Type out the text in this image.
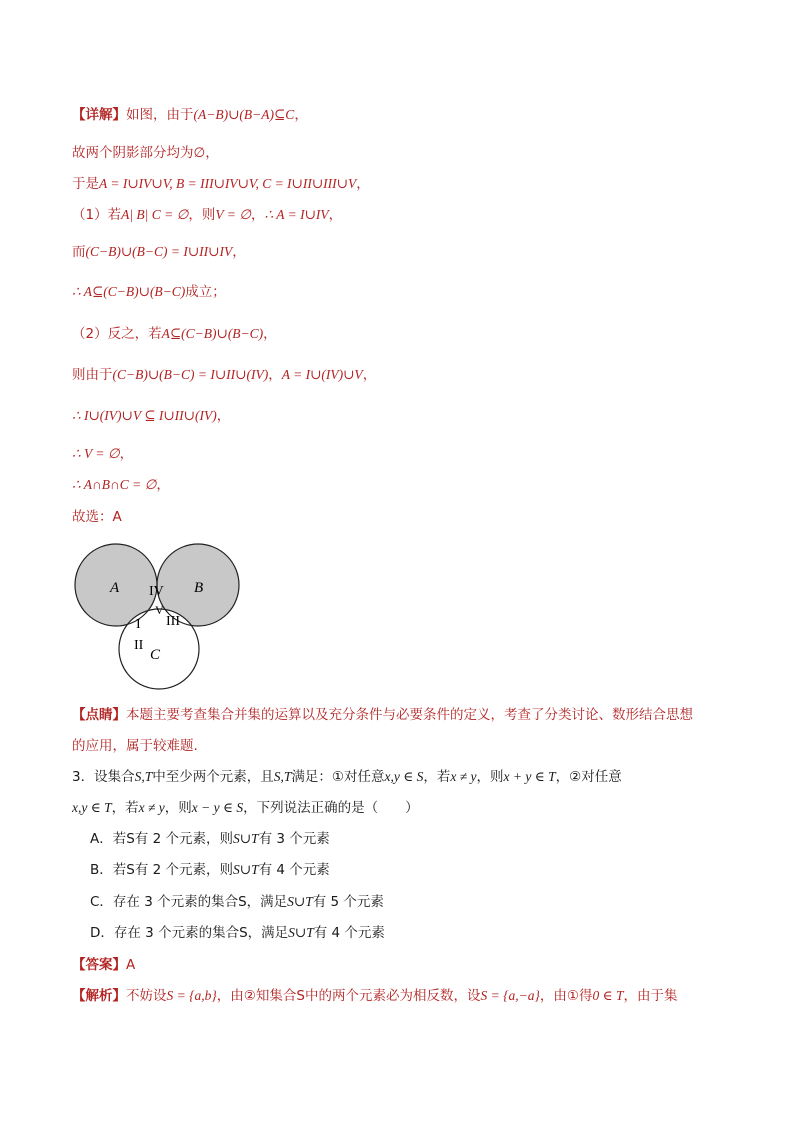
【详解】如图，由于(A−B)∪(B−A)⊆C，
故两个阴影部分均为∅，
于是A = I∪IV∪V, B = III∪IV∪V, C = I∪II∪III∪V，
（1）若A| B| C = ∅，则V = ∅，∴ A = I∪IV，
而(C−B)∪(B−C) = I∪II∪IV，
∴ A⊆(C−B)∪(B−C)成立；
（2）反之，若A⊆(C−B)∪(B−C)，
则由于(C−B)∪(B−C) = I∪II∪(IV)，A = I∪(IV)∪V，
∴ I∪(IV)∪V ⊆ I∪II∪(IV)，
∴ V = ∅，
∴ A∩B∩C = ∅，
故选：A
A	B
C
IV
V
I III
II
【点睛】本题主要考查集合并集的运算以及充分条件与必要条件的定义，考查了分类讨论、数形结合思想
的应用，属于较难题.
3．设集合S,T中至少两个元素，且S,T满足：①对任意x,y ∈ S，若x ≠ y，则x + y ∈ T，②对任意
x,y ∈ T，若x ≠ y，则x − y ∈ S，下列说法正确的是（　　）
A．若S有 2 个元素，则S∪T有 3 个元素
B．若S有 2 个元素，则S∪T有 4 个元素
C．存在 3 个元素的集合S，满足S∪T有 5 个元素
D．存在 3 个元素的集合S，满足S∪T有 4 个元素
【答案】A
【解析】不妨设S = {a,b}，由②知集合S中的两个元素必为相反数，设S = {a,−a}，由①得0 ∈ T，由于集
